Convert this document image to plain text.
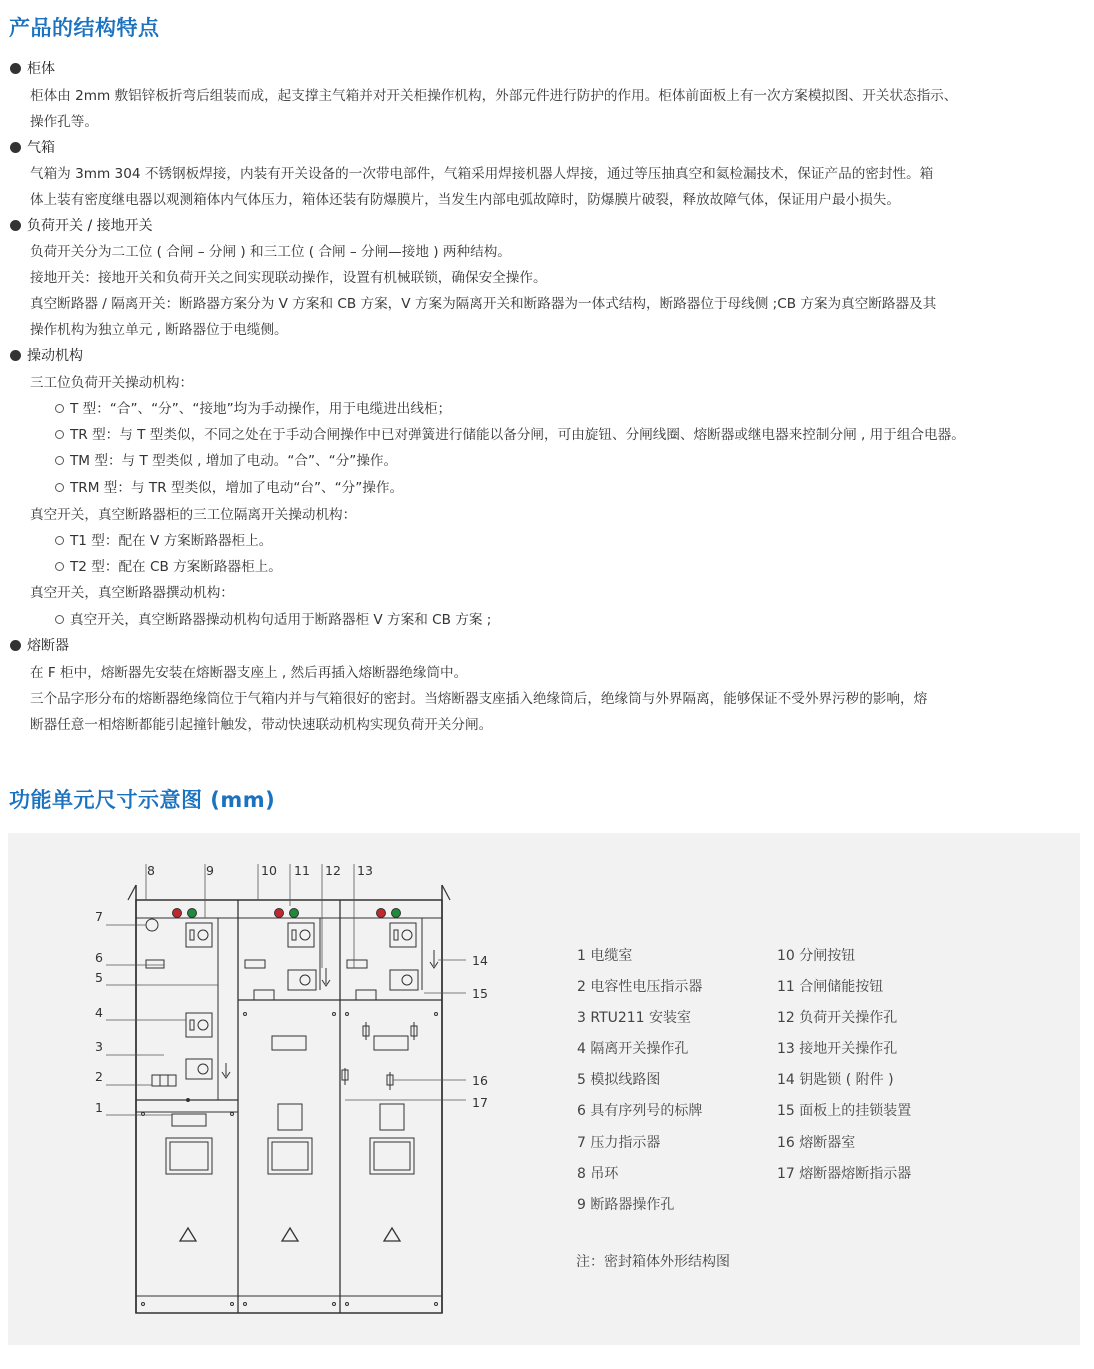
产品的结构特点
柜体
柜体由 2mm 敷铝锌板折弯后组装而成，起支撑主气箱并对开关柜操作机构，外部元件进行防护的作用。柜体前面板上有一次方案模拟图、开关状态指示、
操作孔等。
气箱
气箱为 3mm 304 不锈钢板焊接，内装有开关设备的一次带电部件，气箱采用焊接机器人焊接，通过等压抽真空和氦检漏技术，保证产品的密封性。箱
体上装有密度继电器以观测箱体内气体压力，箱体还装有防爆膜片，当发生内部电弧故障时，防爆膜片破裂，释放故障气体，保证用户最小损失。
负荷开关 / 接地开关
负荷开关分为二工位 ( 合闸 – 分闸 ) 和三工位 ( 合闸 – 分闸—接地 ) 两种结构。
接地开关：接地开关和负荷开关之间实现联动操作，设置有机械联锁，确保安全操作。
真空断路器 / 隔离开关：断路器方案分为 V 方案和 CB 方案，V 方案为隔离开关和断路器为一体式结构，断路器位于母线侧 ;CB 方案为真空断路器及其
操作机构为独立单元 , 断路器位于电缆侧。
操动机构
三工位负荷开关操动机构：
T 型：“合”、“分”、“接地”均为手动操作，用于电缆进出线柜；
TR 型：与 T 型类似，不同之处在于手动合闸操作中已对弹簧进行储能以备分闸，可由旋钮、分闸线圈、熔断器或继电器来控制分闸 , 用于组合电器。
TM 型：与 T 型类似 , 增加了电动。“合”、“分”操作。
TRM 型：与 TR 型类似，增加了电动“台”、“分”操作。
真空开关，真空断路器柜的三工位隔离开关操动机构：
T1 型：配在 V 方案断路器柜上。
T2 型：配在 CB 方案断路器柜上。
真空开关，真空断路器撰动机构：
真空开关，真空断路器操动机构句适用于断路器柜 V 方案和 CB 方案 ;
熔断器
在 F 柜中，熔断器先安装在熔断器支座上 , 然后再插入熔断器绝缘筒中。
三个品字形分布的熔断器绝缘筒位于气箱内并与气箱很好的密封。当熔断器支座插入绝缘筒后，绝缘筒与外界隔离，能够保证不受外界污秽的影响，熔
断器任意一相熔断都能引起撞针触发，带动快速联动机构实现负荷开关分闸。
功能单元尺寸示意图 (mm)
8	9	10 11 12 13
7
6
5
4
3
2
1
14
15
16
17
1 电缆室
2 电容性电压指示器
3 RTU211 安装室
4 隔离开关操作孔
5 模拟线路图
6 具有序列号的标牌
7 压力指示器
8 吊环
9 断路器操作孔
10 分闸按钮
11 合闸储能按钮
12 负荷开关操作孔
13 接地开关操作孔
14 钥匙锁 ( 附件 )
15 面板上的挂锁装置
16 熔断器室
17 熔断器熔断指示器
注：密封箱体外形结构图
